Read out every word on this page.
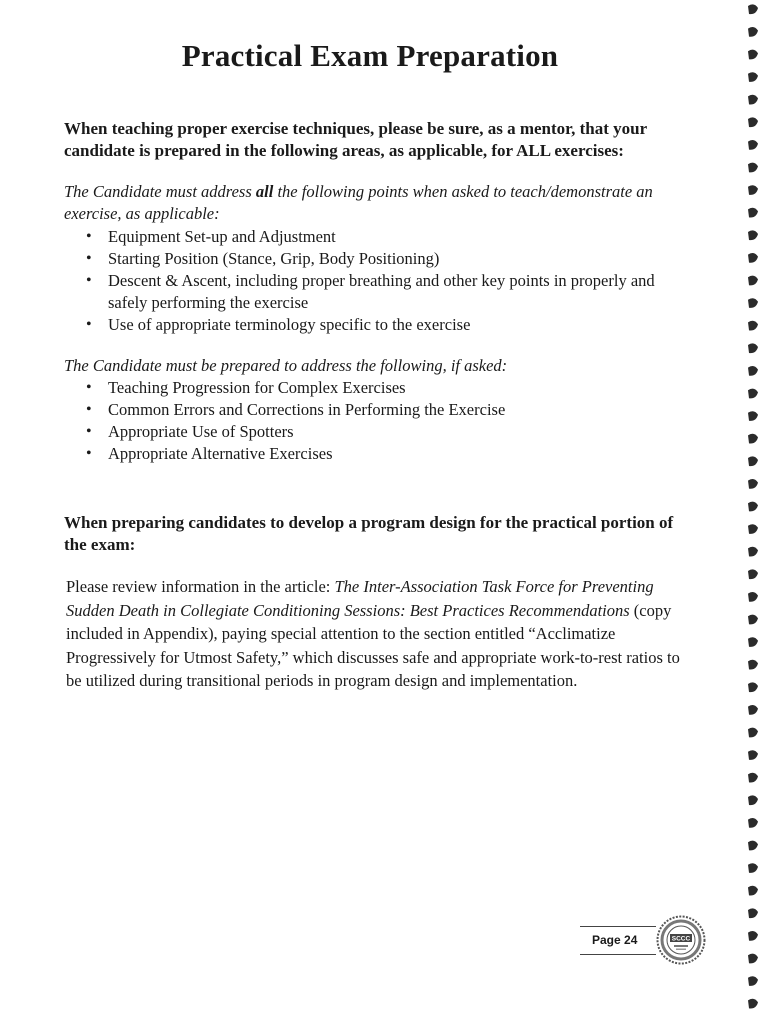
Practical Exam Preparation

When teaching proper exercise techniques, please be sure, as a mentor, that your candidate is prepared in the following areas, as applicable, for ALL exercises:

The Candidate must address all the following points when asked to teach/demonstrate an exercise, as applicable:

• Equipment Set-up and Adjustment
• Starting Position (Stance, Grip, Body Positioning)
• Descent & Ascent, including proper breathing and other key points in properly and safely performing the exercise
• Use of appropriate terminology specific to the exercise

The Candidate must be prepared to address the following, if asked:

• Teaching Progression for Complex Exercises
• Common Errors and Corrections in Performing the Exercise
• Appropriate Use of Spotters
• Appropriate Alternative Exercises

When preparing candidates to develop a program design for the practical portion of the exam:

Please review information in the article: The Inter-Association Task Force for Preventing Sudden Death in Collegiate Conditioning Sessions: Best Practices Recommendations (copy included in Appendix), paying special attention to the section entitled “Acclimatize Progressively for Utmost Safety,” which discusses safe and appropriate work-to-rest ratios to be utilized during transitional periods in program design and implementation.

Page 24	SCCC
